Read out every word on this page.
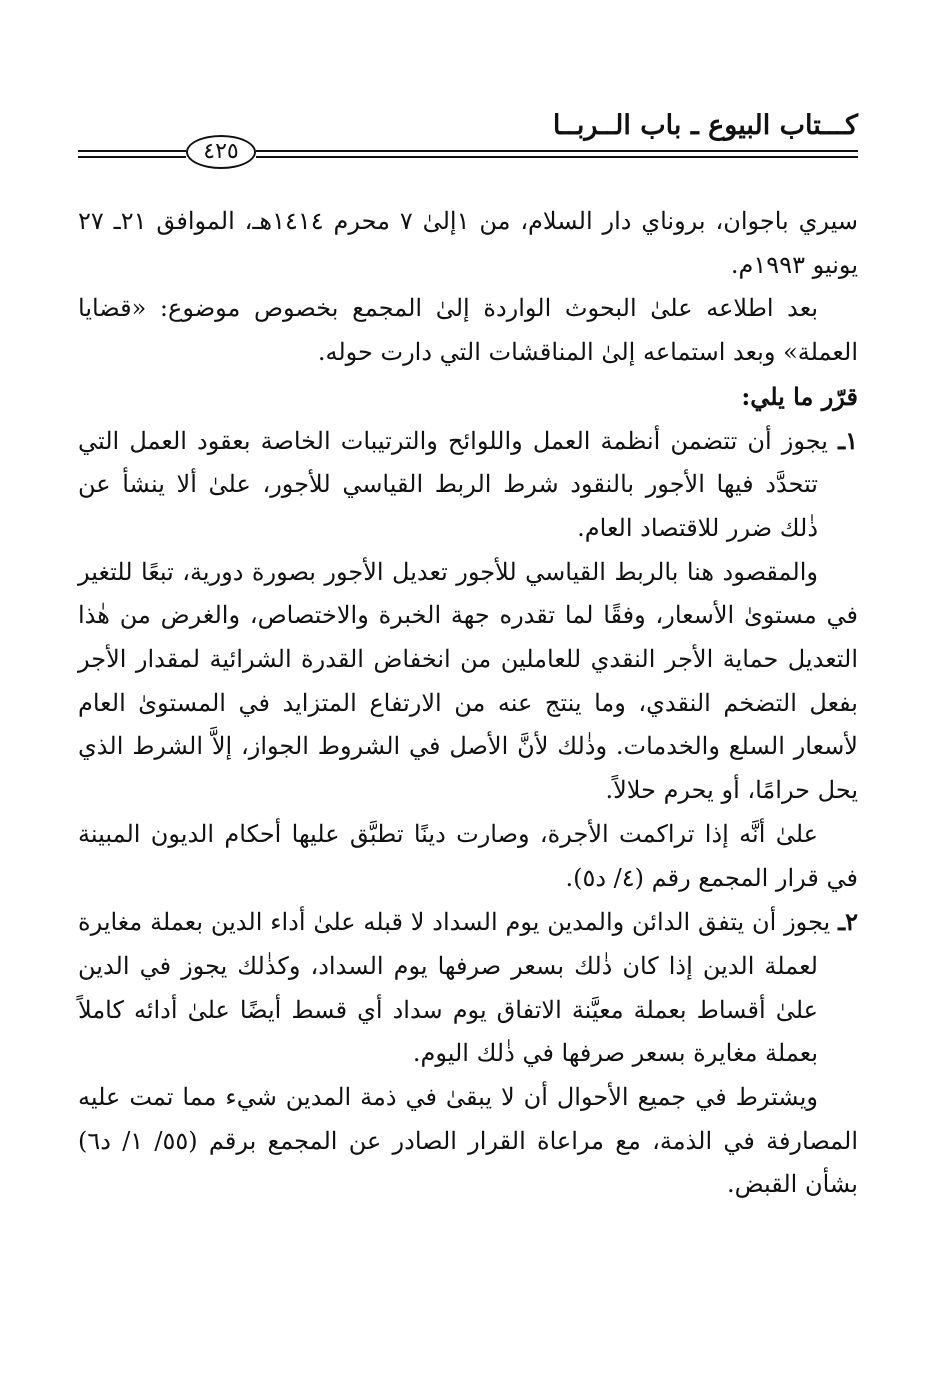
كـــتاب البيوع ـ باب الــربــا
٤٢٥

سيري باجوان، بروناي دار السلام، من ١إلىٰ ٧ محرم ١٤١٤هـ، الموافق ٢١ـ ٢٧ يونيو ١٩٩٣م.

بعد اطلاعه علىٰ البحوث الواردة إلىٰ المجمع بخصوص موضوع: «قضايا العملة» وبعد استماعه إلىٰ المناقشات التي دارت حوله.

قرّر ما يلي:

١ـ يجوز أن تتضمن أنظمة العمل واللوائح والترتيبات الخاصة بعقود العمل التي تتحدَّد فيها الأجور بالنقود شرط الربط القياسي للأجور، علىٰ ألا ينشأ عن ذٰلك ضرر للاقتصاد العام.

والمقصود هنا بالربط القياسي للأجور تعديل الأجور بصورة دورية، تبعًا للتغير في مستوىٰ الأسعار، وفقًا لما تقدره جهة الخبرة والاختصاص، والغرض من هٰذا التعديل حماية الأجر النقدي للعاملين من انخفاض القدرة الشرائية لمقدار الأجر بفعل التضخم النقدي، وما ينتج عنه من الارتفاع المتزايد في المستوىٰ العام لأسعار السلع والخدمات. وذٰلك لأنَّ الأصل في الشروط الجواز، إلاَّ الشرط الذي يحل حرامًا، أو يحرم حلالاً.

علىٰ أنَّه إذا تراكمت الأجرة، وصارت دينًا تطبَّق عليها أحكام الديون المبينة في قرار المجمع رقم (٤/ د٥).

٢ـ يجوز أن يتفق الدائن والمدين يوم السداد لا قبله علىٰ أداء الدين بعملة مغايرة لعملة الدين إذا كان ذٰلك بسعر صرفها يوم السداد، وكذٰلك يجوز في الدين علىٰ أقساط بعملة معيَّنة الاتفاق يوم سداد أي قسط أيضًا علىٰ أدائه كاملاً بعملة مغايرة بسعر صرفها في ذٰلك اليوم.

ويشترط في جميع الأحوال أن لا يبقىٰ في ذمة المدين شيء مما تمت عليه المصارفة في الذمة، مع مراعاة القرار الصادر عن المجمع برقم (٥٥/ ١/ د٦) بشأن القبض.
